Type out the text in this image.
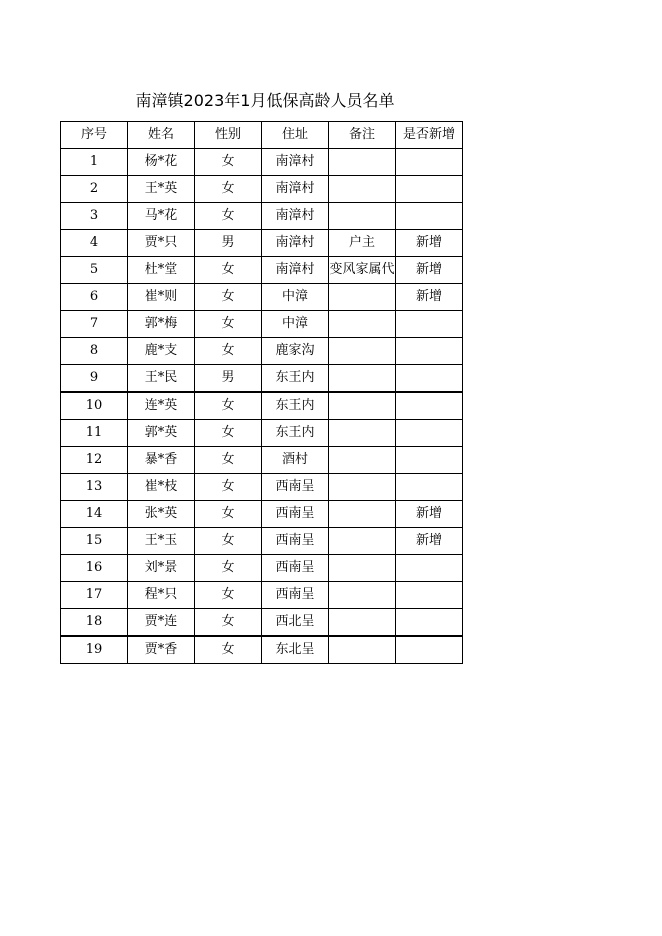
南漳镇2023年1月低保高龄人员名单
序号	姓名	性别	住址	备注	是否新增
1	杨*花	女	南漳村		
2	王*英	女	南漳村		
3	马*花	女	南漳村		
4	贾*只	男	南漳村	户主	新增
5	杜*堂	女	南漳村	变风家属代	新增
6	崔*则	女	中漳		新增
7	郭*梅	女	中漳		
8	鹿*支	女	鹿家沟		
9	王*民	男	东王内		
10	连*英	女	东王内		
11	郭*英	女	东王内		
12	暴*香	女	酒村		
13	崔*枝	女	西南呈		
14	张*英	女	西南呈		新增
15	王*玉	女	西南呈		新增
16	刘*景	女	西南呈		
17	程*只	女	西南呈		
18	贾*连	女	西北呈		
19	贾*香	女	东北呈		
